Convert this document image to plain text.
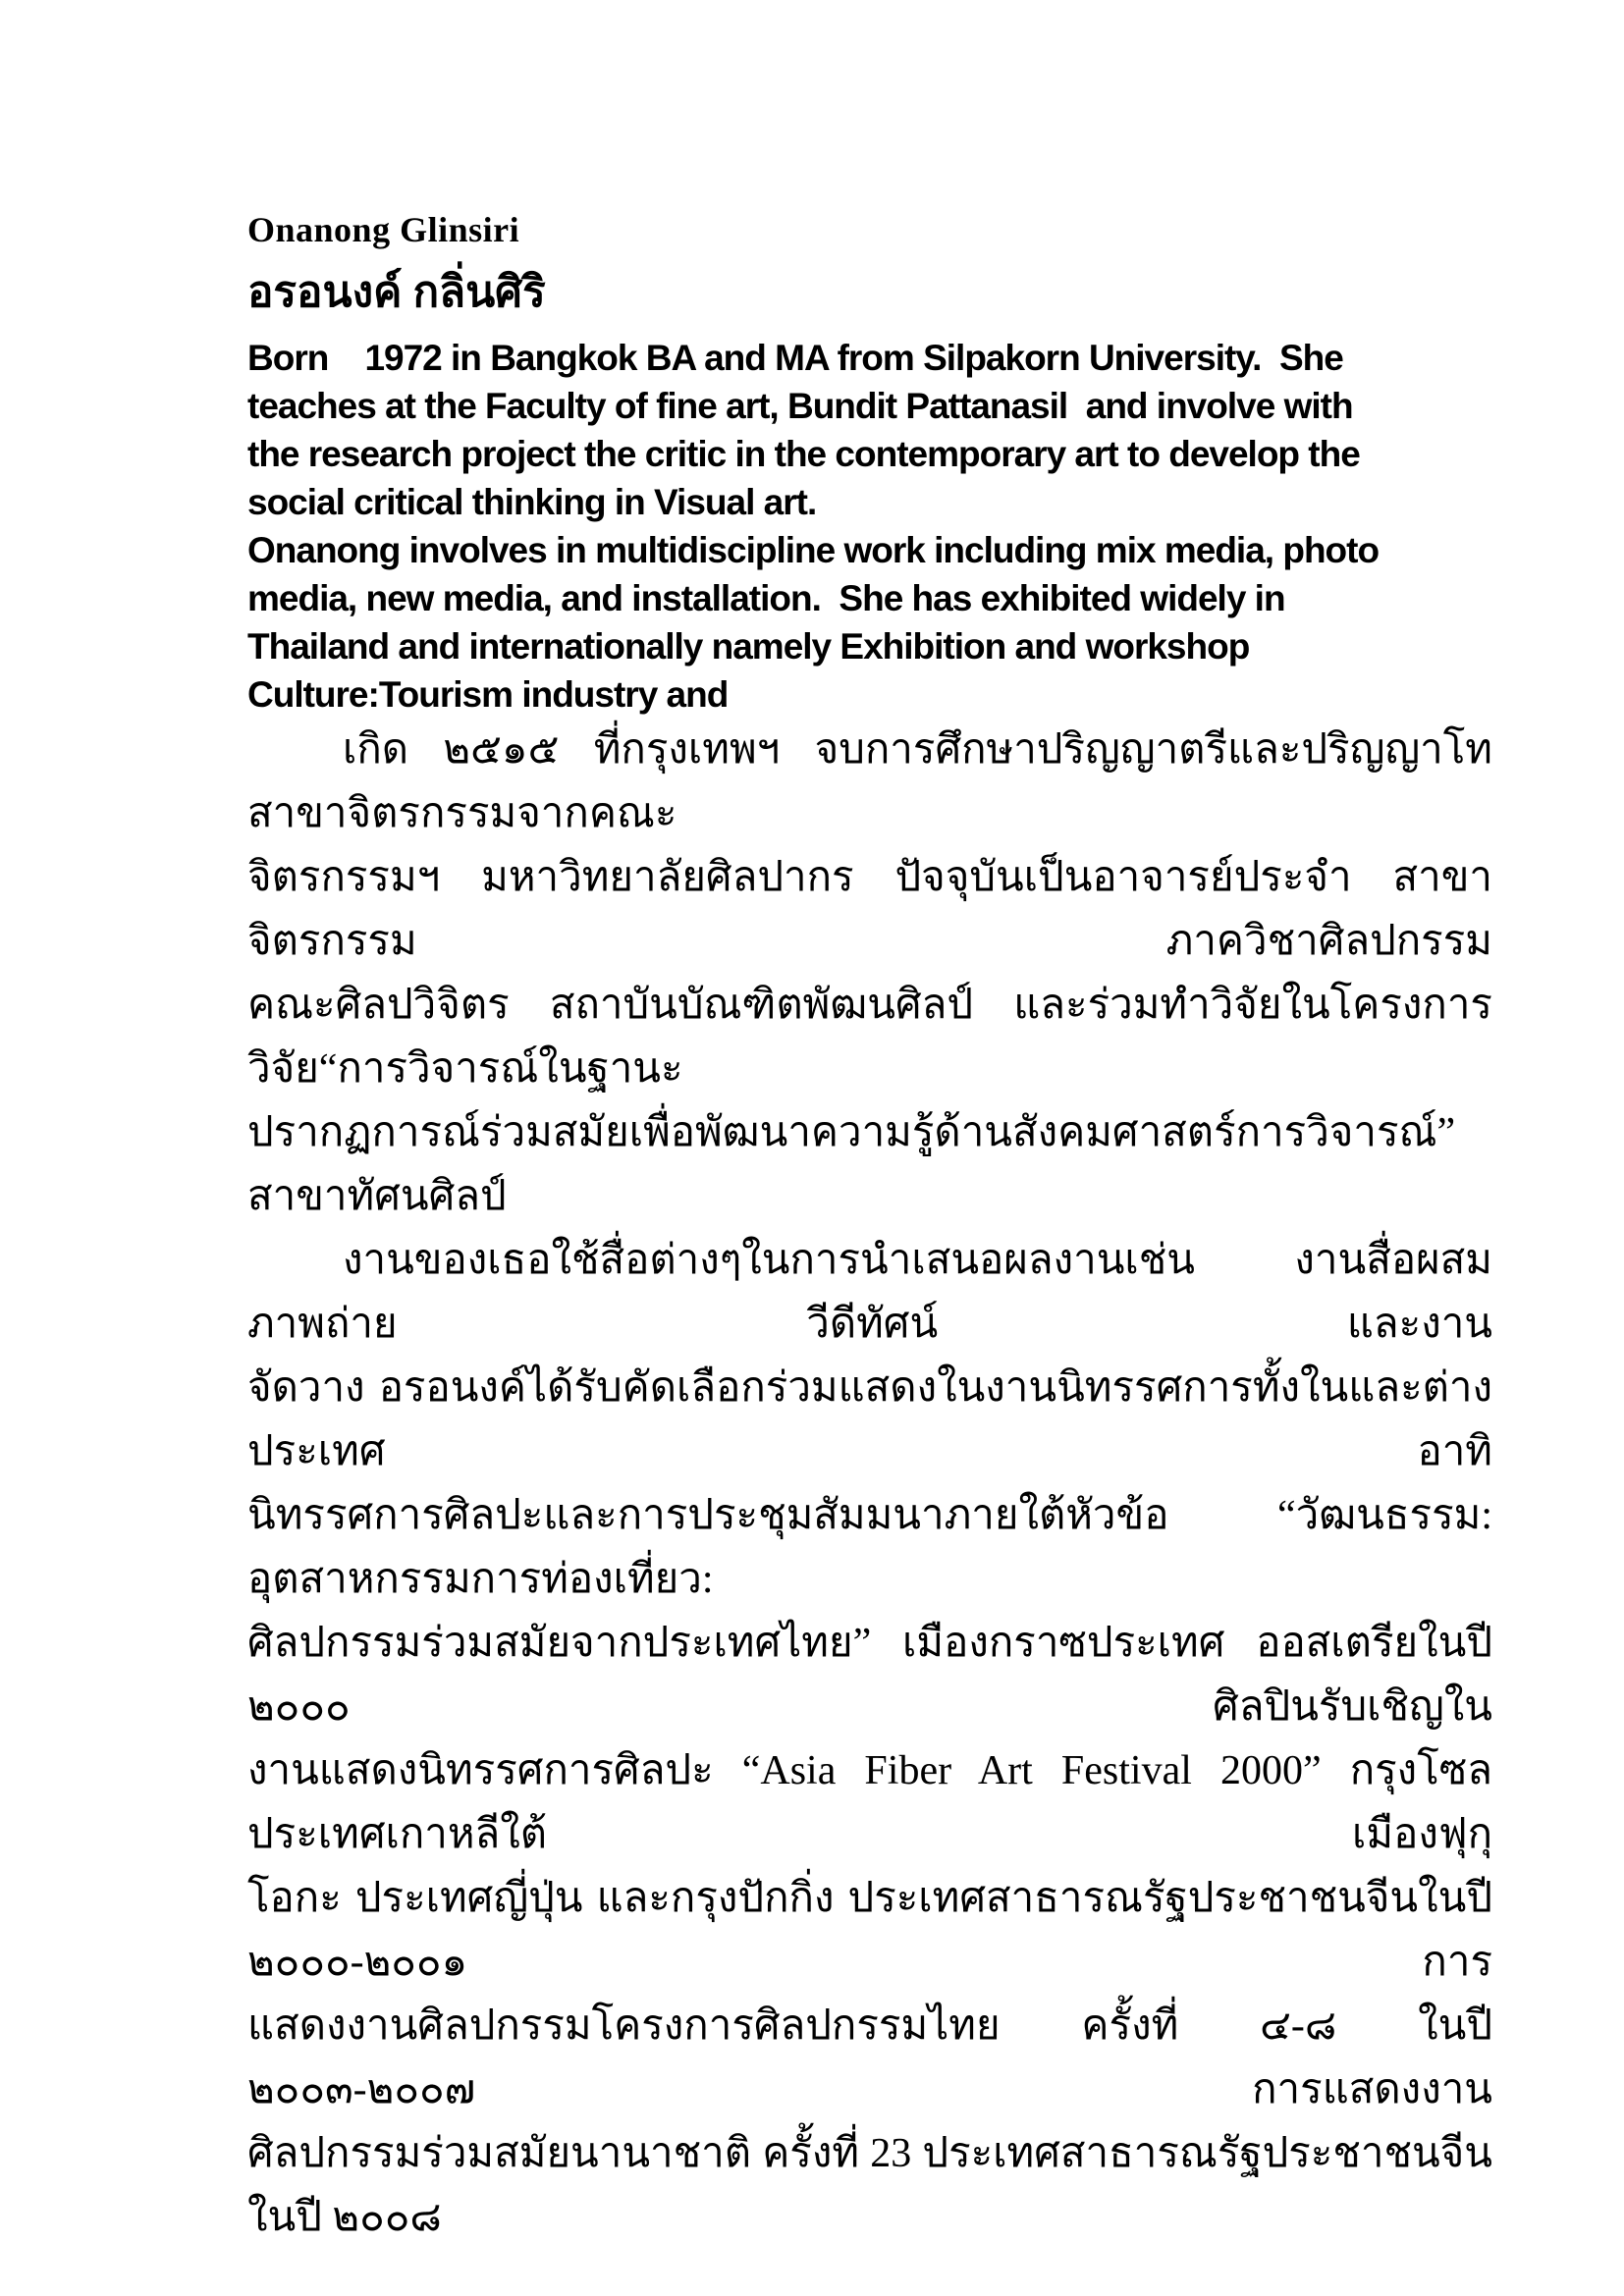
Onanong Glinsiri
อรอนงค์ กลิ่นศิริ
Born    1972 in Bangkok BA and MA from Silpakorn University.  She
teaches at the Faculty of fine art, Bundit Pattanasil  and involve with
the research project the critic in the contemporary art to develop the
social critical thinking in Visual art.
Onanong involves in multidiscipline work including mix media, photo
media, new media, and installation.  She has exhibited widely in
Thailand and internationally namely Exhibition and workshop
Culture:Tourism industry and
เกิด ๒๕๑๕ ที่กรุงเทพฯ จบการศึกษาปริญญาตรีและปริญญาโท สาขาจิตรกรรมจากคณะ
จิตรกรรมฯ มหาวิทยาลัยศิลปากร ปัจจุบันเป็นอาจารย์ประจำ สาขาจิตรกรรม ภาควิชาศิลปกรรม
คณะศิลปวิจิตร สถาบันบัณฑิตพัฒนศิลป์ และร่วมทำวิจัยในโครงการวิจัย“การวิจารณ์ในฐานะ
ปรากฏการณ์ร่วมสมัยเพื่อพัฒนาความรู้ด้านสังคมศาสตร์การวิจารณ์” สาขาทัศนศิลป์
งานของเธอใช้สื่อต่างๆในการนำเสนอผลงานเช่น งานสื่อผสม ภาพถ่าย วีดีทัศน์ และงาน
จัดวาง อรอนงค์ได้รับคัดเลือกร่วมแสดงในงานนิทรรศการทั้งในและต่างประเทศ อาทิ
นิทรรศการศิลปะและการประชุมสัมมนาภายใต้หัวข้อ “วัฒนธรรม: อุตสาหกรรมการท่องเที่ยว:
ศิลปกรรมร่วมสมัยจากประเทศไทย” เมืองกราซประเทศ ออสเตรียในปี ๒๐๐๐ ศิลปินรับเชิญใน
งานแสดงนิทรรศการศิลปะ “Asia Fiber Art Festival 2000” กรุงโซล ประเทศเกาหลีใต้ เมืองฟุกุ
โอกะ ประเทศญี่ปุ่น และกรุงปักกิ่ง ประเทศสาธารณรัฐประชาชนจีนในปี ๒๐๐๐-๒๐๐๑ การ
แสดงงานศิลปกรรมโครงการศิลปกรรมไทย ครั้งที่ ๔-๘ ในปี ๒๐๐๓-๒๐๐๗ การแสดงงาน
ศิลปกรรมร่วมสมัยนานาชาติ ครั้งที่ 23 ประเทศสาธารณรัฐประชาชนจีนในปี ๒๐๐๘
